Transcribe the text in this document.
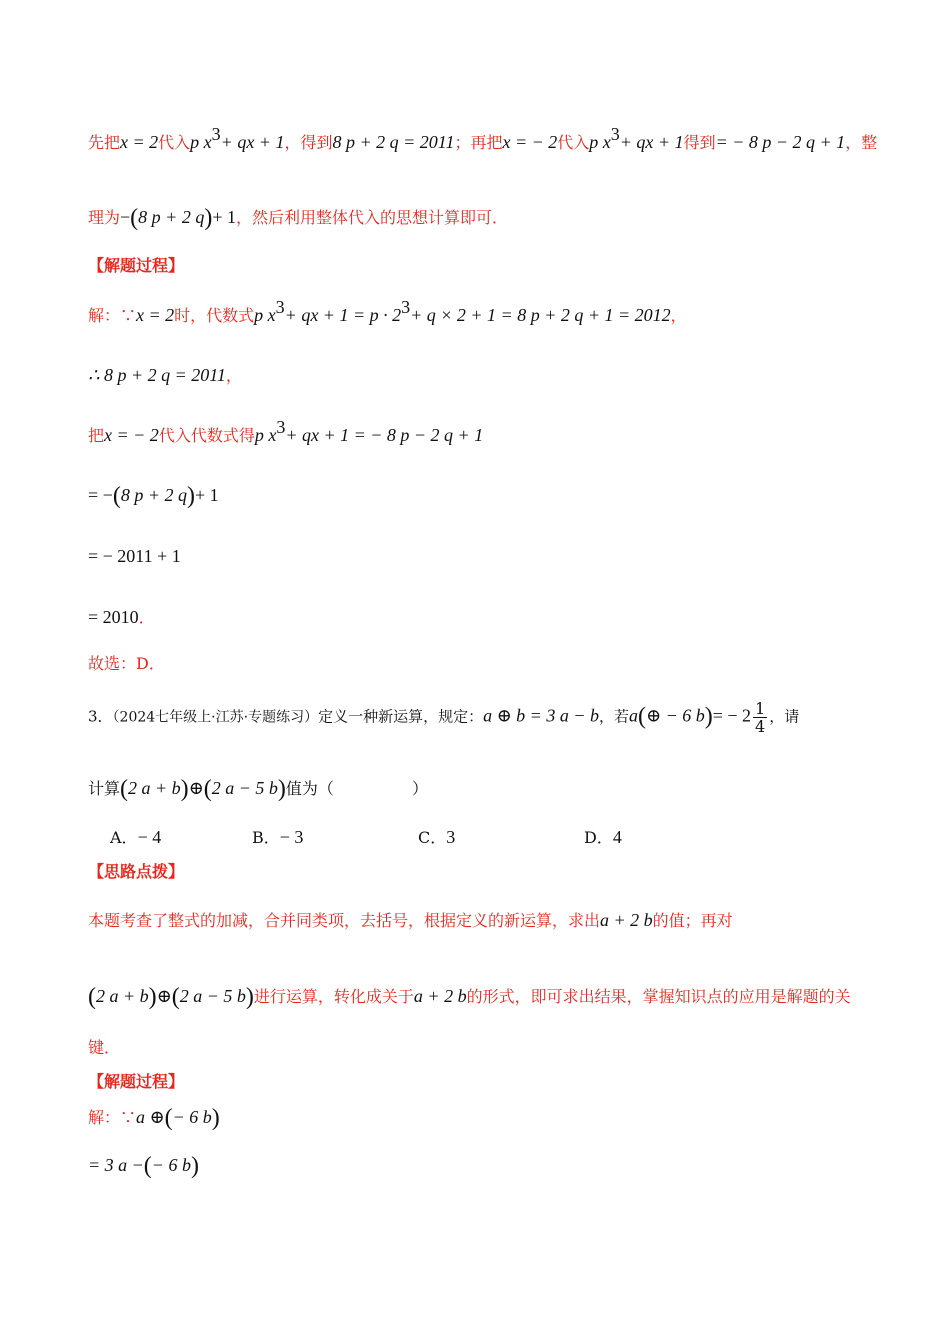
先把x = 2代入p $x^3+$ qx + 1，得到8 p + 2 q = 2011；再把x = − 2代入p $x^3+$ qx + 1得到= − 8 p − 2 q + 1，整
理为−(8 p + 2 q)+ 1，然后利用整体代入的思想计算即可．
【解题过程】
解：∵x = 2时，代数式p $x^3+$ qx + $1 = p \cdot 2^3+ q \times 2 + 1 = 8$ p + 2 q + 1 = 2012，
∴ 8 p + 2 q = 2011，
把x = − 2代入代数式得p $x^3+$ qx + 1 = − 8 p − 2 q + 1
= −(8 p + 2 q)+ 1
= − 2011 + 1
= 2010．
故选：D．
3．（2024七年级上·江苏·专题练习）定义一种新运算，规定：a ⊕ b = 3 a − b，若a(⊕ − 6 $b)= - 2 \frac{1}{4}$ ，请
计算(2 a + b)⊕(2 a − 5 b)值为（	）
A．− 4	B．− 3	C．3	D．4
【思路点拨】
本题考查了整式的加减，合并同类项，去括号，根据定义的新运算，求出a + 2 b的值；再对
(2 a + b)⊕(2 a − 5 b)进行运算，转化成关于a + 2 b的形式，即可求出结果，掌握知识点的应用是解题的关
键．
【解题过程】
解：∵a ⊕(− 6 b)
= 3 a −(− 6 b)
